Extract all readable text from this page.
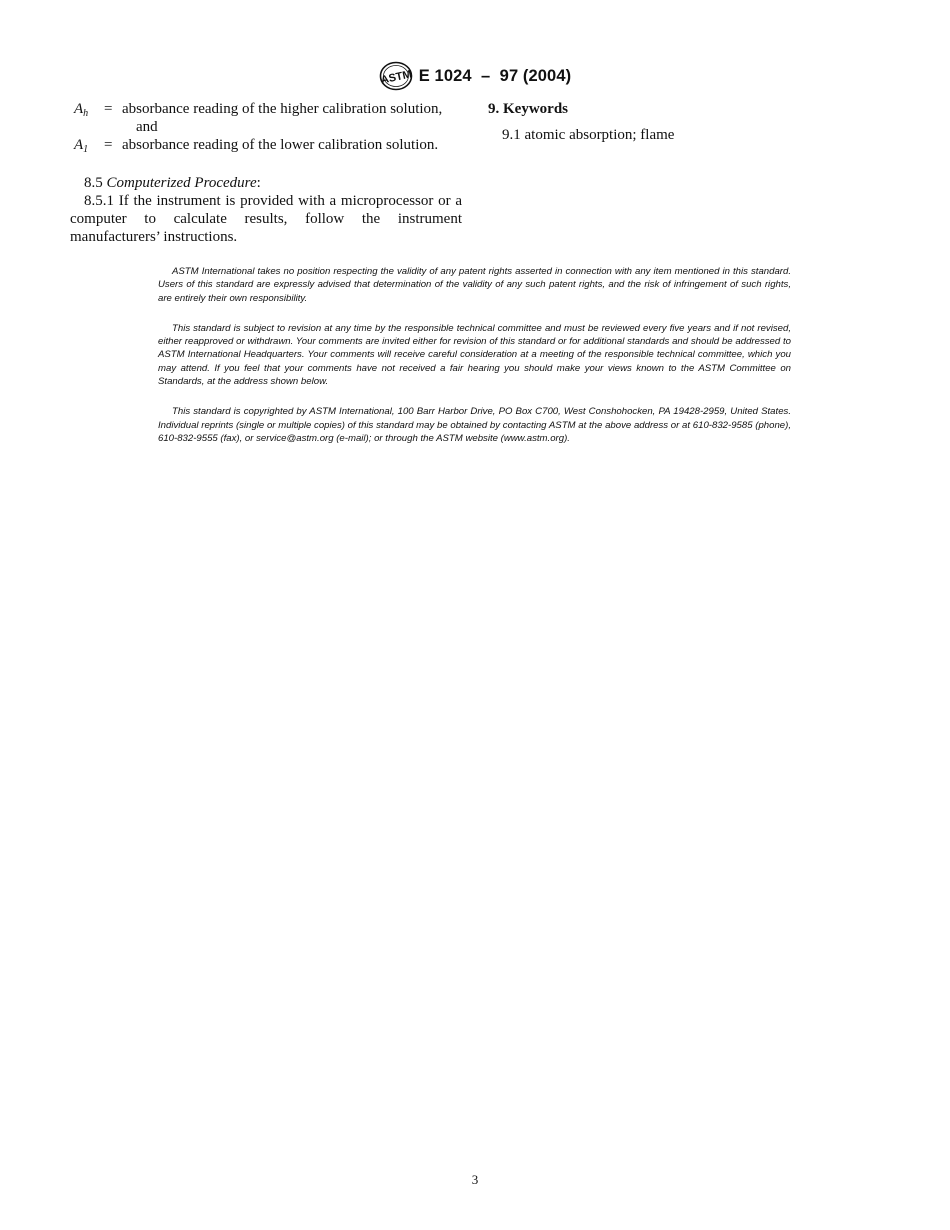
ASTM E 1024  –  97 (2004)
$A_h$	= absorbance reading of the higher calibration solution, and
$A_1$	= absorbance reading of the lower calibration solution.

8.5 Computerized Procedure:

8.5.1 If the instrument is provided with a microprocessor or a computer to calculate results, follow the instrument manufacturers’ instructions.

9. Keywords

9.1 atomic absorption; flame

ASTM International takes no position respecting the validity of any patent rights asserted in connection with any item mentioned in this standard. Users of this standard are expressly advised that determination of the validity of any such patent rights, and the risk of infringement of such rights, are entirely their own responsibility.

This standard is subject to revision at any time by the responsible technical committee and must be reviewed every five years and if not revised, either reapproved or withdrawn. Your comments are invited either for revision of this standard or for additional standards and should be addressed to ASTM International Headquarters. Your comments will receive careful consideration at a meeting of the responsible technical committee, which you may attend. If you feel that your comments have not received a fair hearing you should make your views known to the ASTM Committee on Standards, at the address shown below.

This standard is copyrighted by ASTM International, 100 Barr Harbor Drive, PO Box C700, West Conshohocken, PA 19428-2959, United States. Individual reprints (single or multiple copies) of this standard may be obtained by contacting ASTM at the above address or at 610-832-9585 (phone), 610-832-9555 (fax), or service@astm.org (e-mail); or through the ASTM website (www.astm.org).

3
